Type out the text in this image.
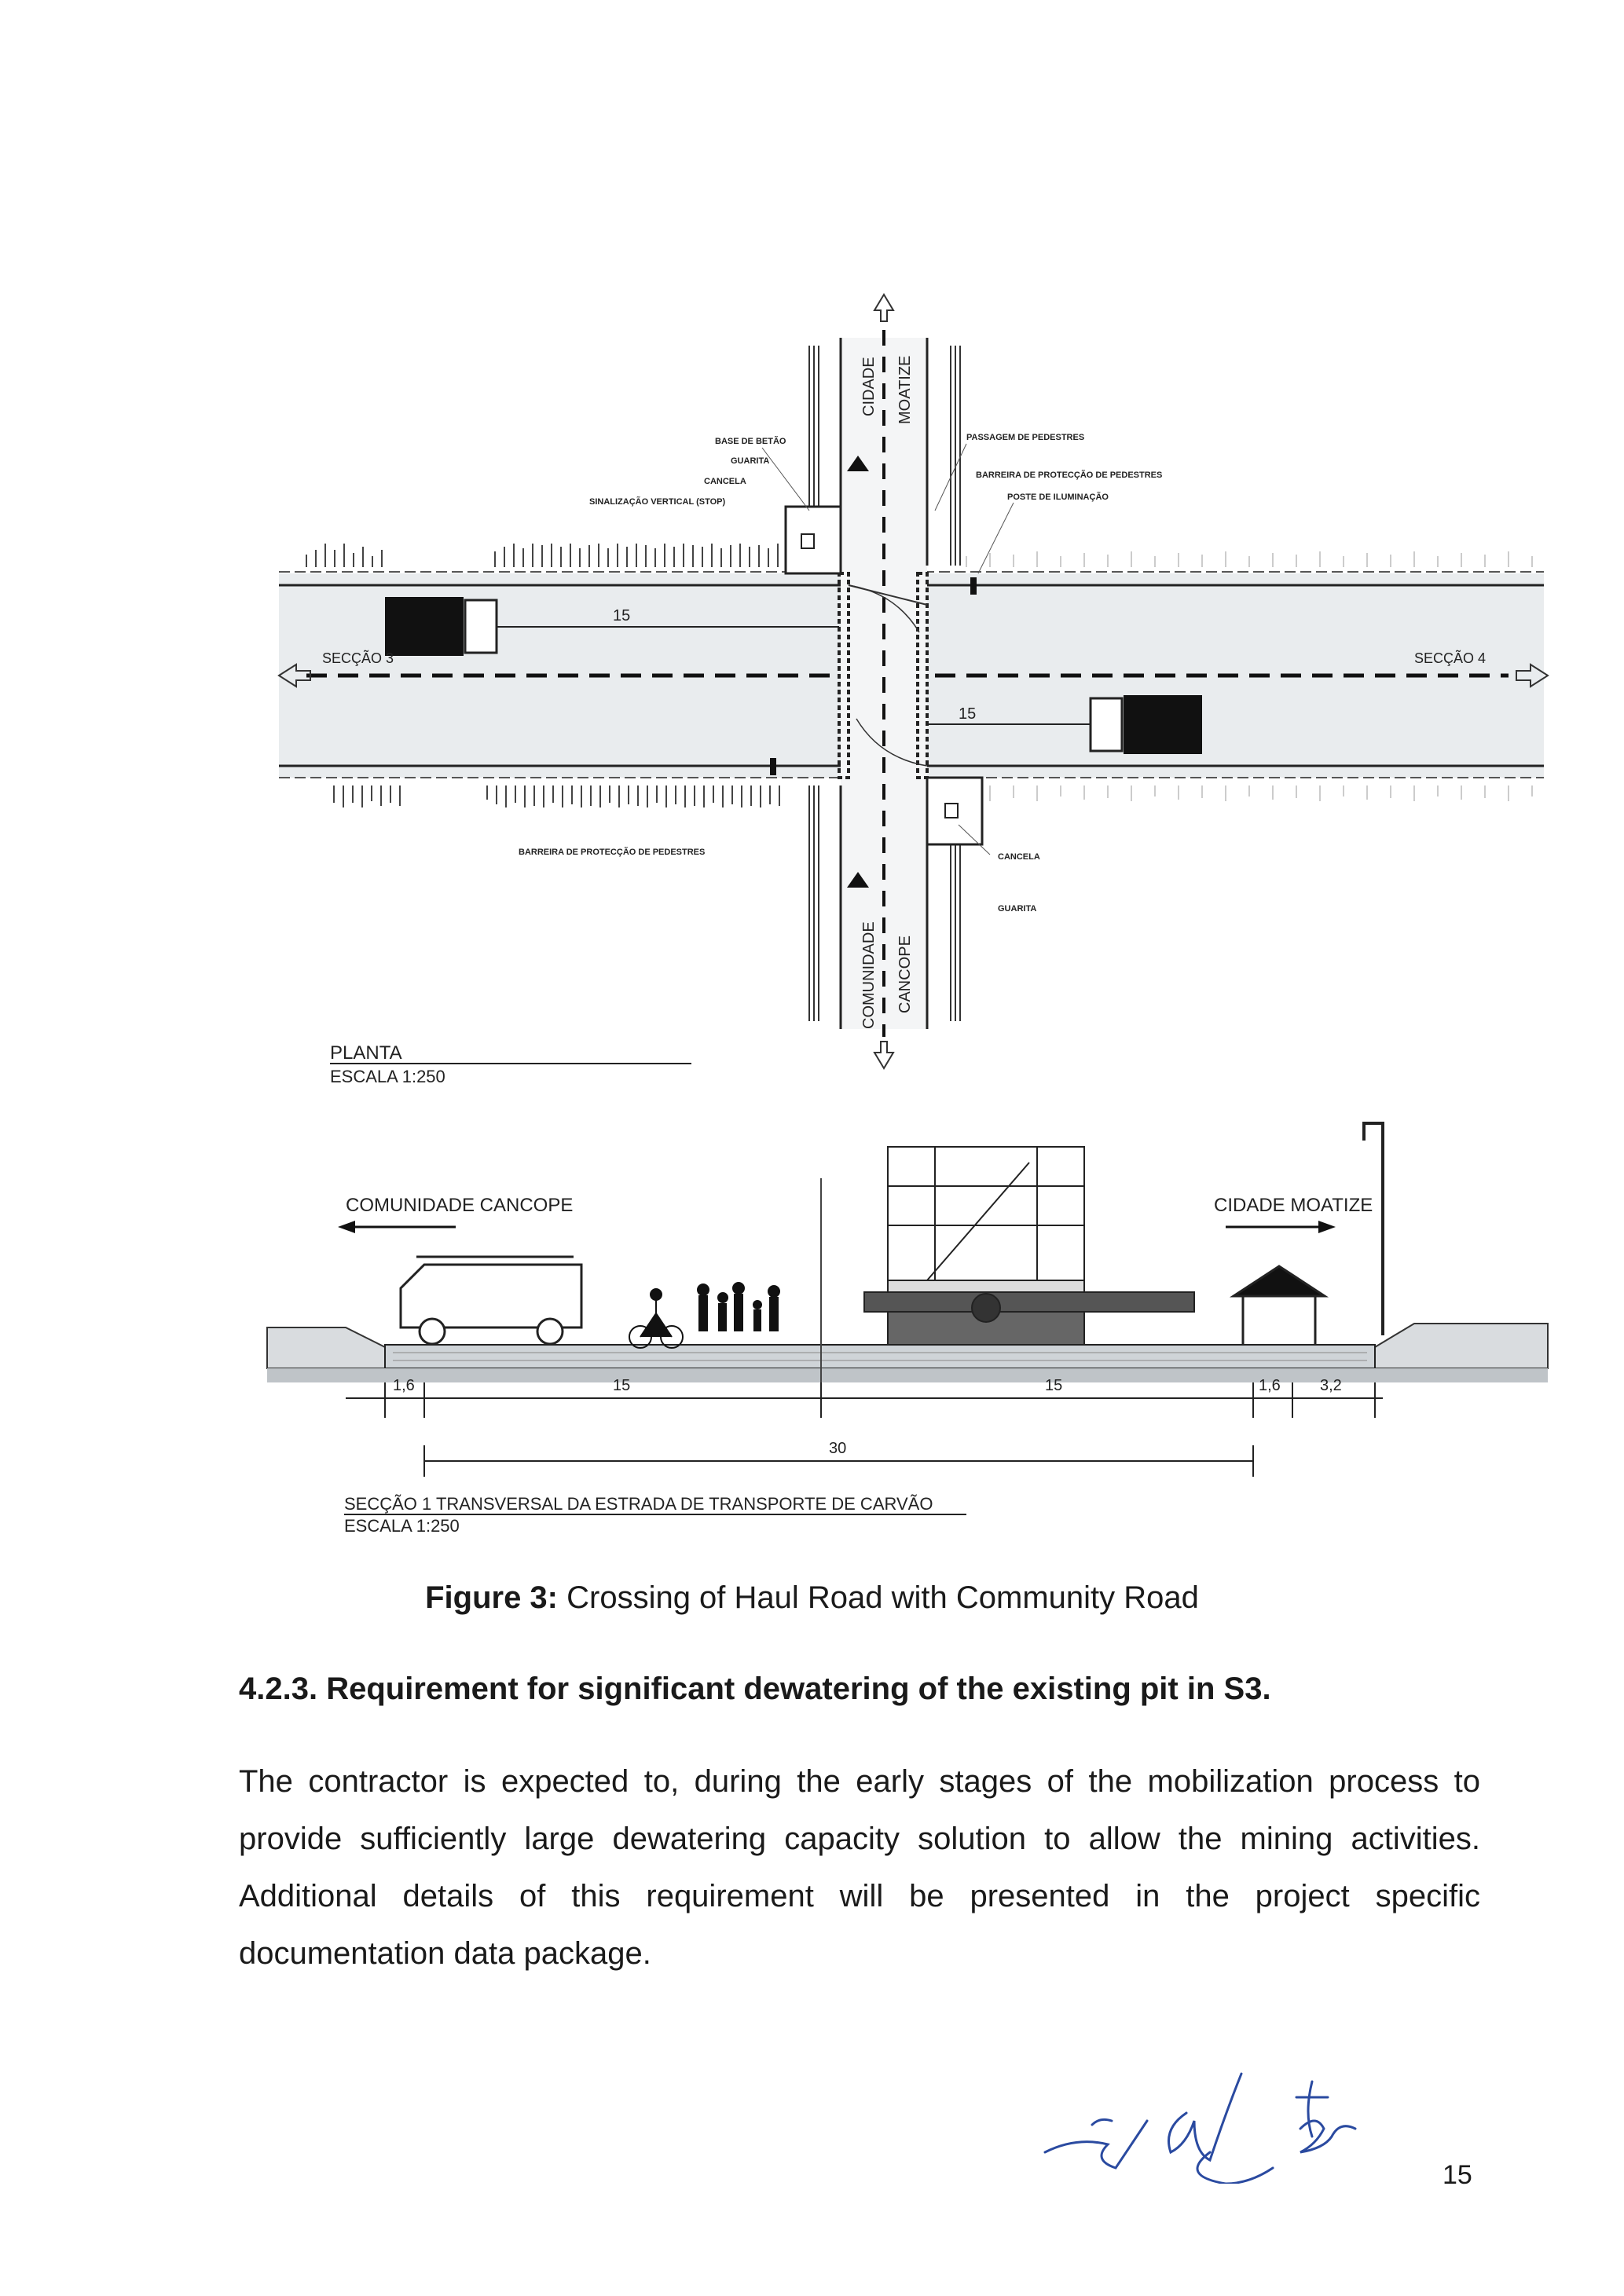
15
15
SECÇÃO 3	SECÇÃO 4
CIDADE MOATIZE
COMUNIDADE CANCOPE
BASE DE BETÃO
GUARITA
CANCELA
SINALIZAÇÃO VERTICAL (STOP)
PASSAGEM DE PEDESTRES
BARREIRA DE PROTECÇÃO DE PEDESTRES
POSTE DE ILUMINAÇÃO
BARREIRA DE PROTECÇÃO DE PEDESTRES	CANCELA
GUARITA
PLANTA
ESCALA 1:250
COMUNIDADE CANCOPE	CIDADE MOATIZE
1,6	15	15	1,6	3,2
30
SECÇÃO 1 TRANSVERSAL DA ESTRADA DE TRANSPORTE DE CARVÃO
ESCALA 1:250
Figure 3: Crossing of Haul Road with Community Road
4.2.3. Requirement for significant dewatering of the existing pit in S3.
The contractor is expected to, during the early stages of the mobilization process to provide sufficiently large dewatering capacity solution to allow the mining activities. Additional details of this requirement will be presented in the project specific documentation data package.
15
